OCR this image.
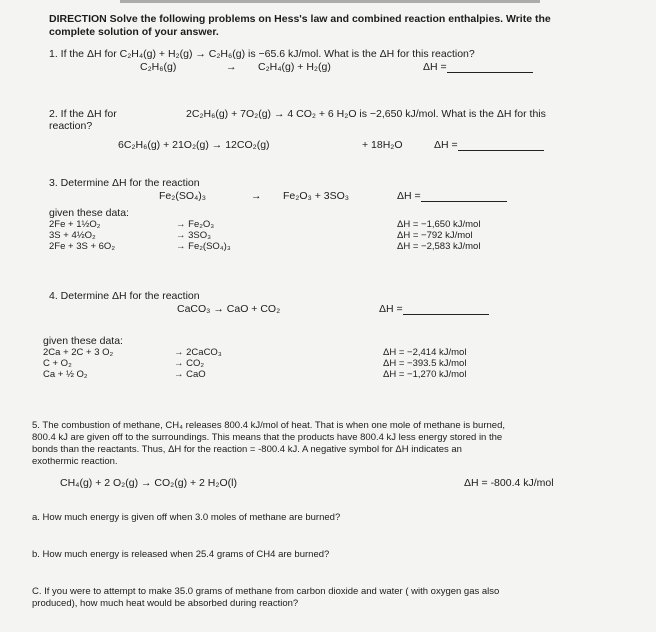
DIRECTION Solve the following problems on Hess's law and combined reaction enthalpies. Write the
complete solution of your answer.
1. If the ΔH for C₂H₄(g) + H₂(g) → C₂H₆(g) is −65.6 kJ/mol. What is the ΔH for this reaction?
C₂H₆(g)	→ C₂H₄(g) + H₂(g)	ΔH =
2. If the ΔH for	2C₂H₆(g) + 7O₂(g) → 4 CO₂ + 6 H₂O is −2,650 kJ/mol. What is the ΔH for this
reaction?
6C₂H₆(g) + 21O₂(g) → 12CO₂(g)	+ 18H₂O	ΔH =
3. Determine ΔH for the reaction
Fe₂(SO₄)₃	→ Fe₂O₃ + 3SO₃	ΔH =
given these data:
2Fe + 1½O₂	→ Fe₂O₃	ΔH = −1,650 kJ/mol
3S + 4½O₂	→ 3SO₃	ΔH = −792 kJ/mol
2Fe + 3S + 6O₂	→ Fe₂(SO₄)₃	ΔH = −2,583 kJ/mol
4. Determine ΔH for the reaction
CaCO₃ → CaO + CO₂	ΔH =
given these data:
2Ca + 2C + 3 O₂	→ 2CaCO₃	ΔH = −2,414 kJ/mol
C + O₂	→ CO₂	ΔH = −393.5 kJ/mol
Ca + ½ O₂	→ CaO	ΔH = −1,270 kJ/mol
5. The combustion of methane, CH₄ releases 800.4 kJ/mol of heat. That is when one mole of methane is burned,
800.4 kJ are given off to the surroundings. This means that the products have 800.4 kJ less energy stored in the
bonds than the reactants. Thus, ΔH for the reaction = -800.4 kJ. A negative symbol for ΔH indicates an
exothermic reaction.
CH₄(g) + 2 O₂(g) → CO₂(g) + 2 H₂O(l)	ΔH = -800.4 kJ/mol
a. How much energy is given off when 3.0 moles of methane are burned?
b. How much energy is released when 25.4 grams of CH4 are burned?
C. If you were to attempt to make 35.0 grams of methane from carbon dioxide and water ( with oxygen gas also
produced), how much heat would be absorbed during reaction?
